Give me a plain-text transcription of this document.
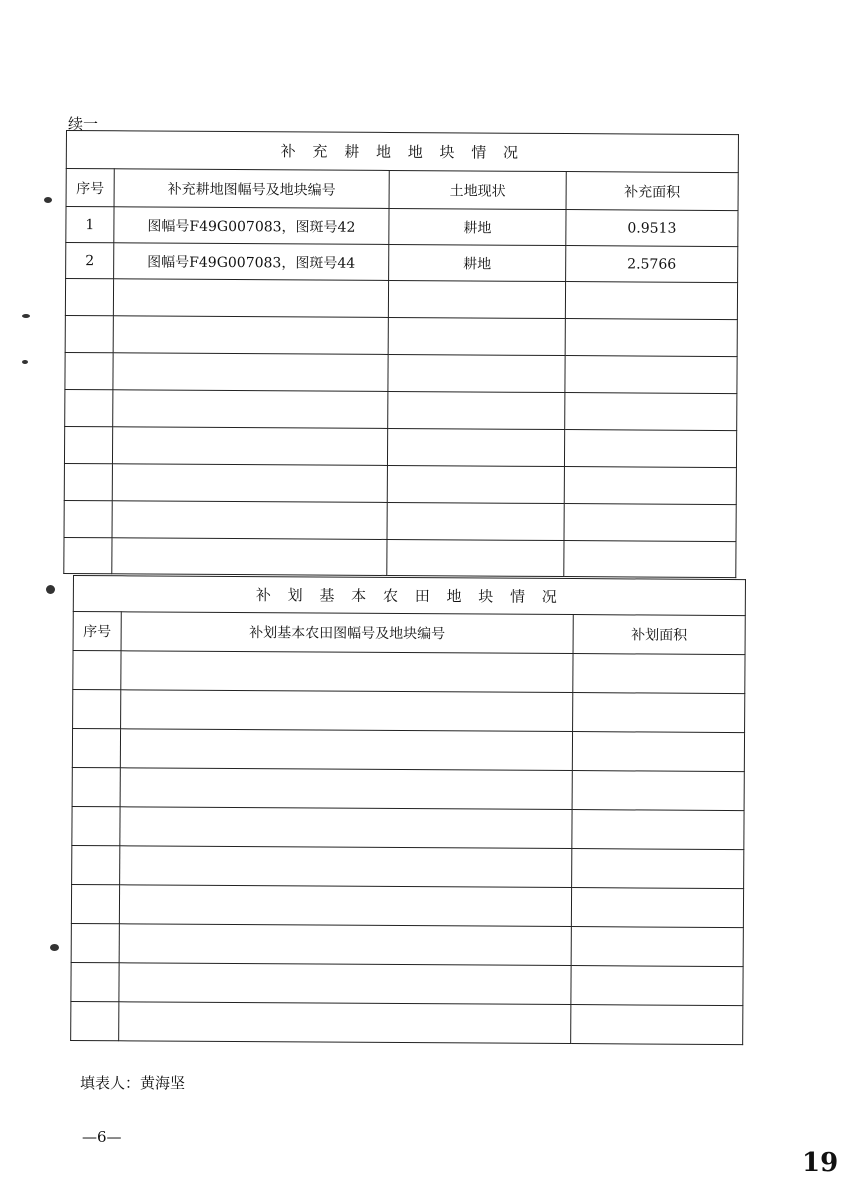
续一
补 充 耕 地 地 块 情 况			
序号	补充耕地图幅号及地块编号	土地现状	补充面积
1	图幅号F49G007083，图斑号42	耕地	0.9513
2	图幅号F49G007083，图斑号44	耕地	2.5766

补 划 基 本 农 田 地 块 情 况		
序号	补划基本农田图幅号及地块编号	补划面积

填表人：黄海坚
—6—
19
